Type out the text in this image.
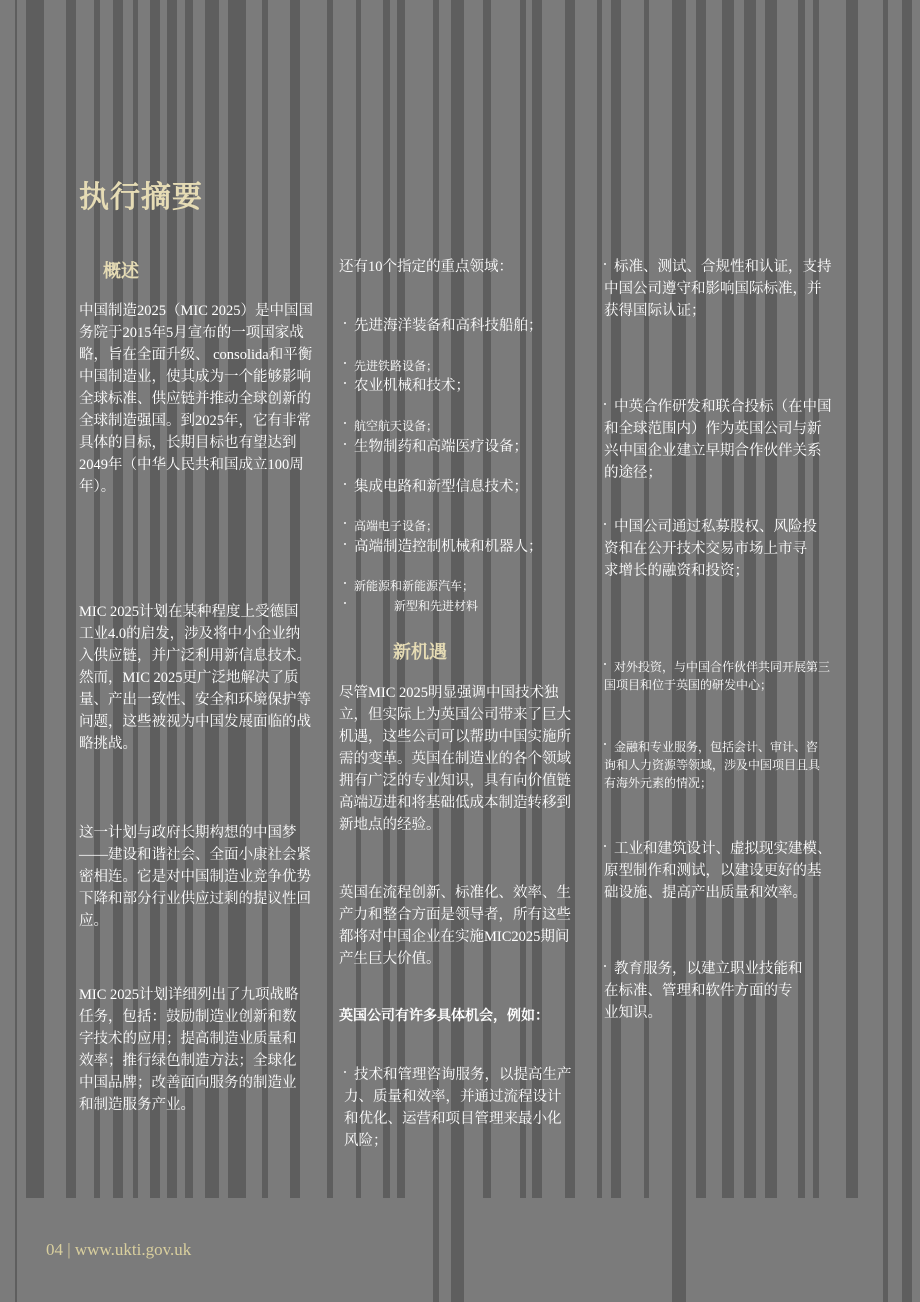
执行摘要
概述
中国制造2025（MIC 2025）是中国国务院于2015年5月宣布的一项国家战略，旨在全面升级、 consolida和平衡中国制造业，使其成为一个能够影响全球标准、供应链并推动全球创新的全球制造强国。到2025年，它有非常具体的目标，长期目标也有望达到2049年（中华人民共和国成立100周年）。
MIC 2025计划在某种程度上受德国工业4.0的启发，涉及将中小企业纳入供应链，并广泛利用新信息技术。然而，MIC 2025更广泛地解决了质量、产出一致性、安全和环境保护等问题，这些被视为中国发展面临的战略挑战。
这一计划与政府长期构想的中国梦——建设和谐社会、全面小康社会紧密相连。它是对中国制造业竞争优势下降和部分行业供应过剩的提议性回应。
MIC 2025计划详细列出了九项战略任务，包括：鼓励制造业创新和数字技术的应用；提高制造业质量和效率；推行绿色制造方法；全球化中国品牌；改善面向服务的制造业和制造服务产业。
还有10个指定的重点领域：
先进海洋装备和高科技船舶；
先进铁路设备；
农业机械和技术；
航空航天设备；
生物制药和高端医疗设备；
集成电路和新型信息技术；
高端电子设备；
高端制造控制机械和机器人；
新能源和新能源汽车；
新型和先进材料
新机遇
尽管MIC 2025明显强调中国技术独立，但实际上为英国公司带来了巨大机遇，这些公司可以帮助中国实施所需的变革。英国在制造业的各个领域拥有广泛的专业知识，具有向价值链高端迈进和将基础低成本制造转移到新地点的经验。
英国在流程创新、标准化、效率、生产力和整合方面是领导者，所有这些都将对中国企业在实施MIC2025期间产生巨大价值。
英国公司有许多具体机会，例如：
技术和管理咨询服务，以提高生产力、质量和效率，并通过流程设计和优化、运营和项目管理来最小化风险；
标准、测试、合规性和认证，支持中国公司遵守和影响国际标准，并获得国际认证；
中英合作研发和联合投标（在中国和全球范围内）作为英国公司与新兴中国企业建立早期合作伙伴关系的途径；
中国公司通过私募股权、风险投资和在公开技术交易市场上市寻求增长的融资和投资；
对外投资，与中国合作伙伴共同开展第三国项目和位于英国的研发中心；
金融和专业服务，包括会计、审计、咨询和人力资源等领域，涉及中国项目且具有海外元素的情况；
工业和建筑设计、虚拟现实建模、原型制作和测试，以建设更好的基础设施、提高产出质量和效率。
教育服务，以建立职业技能和在标准、管理和软件方面的专业知识。
04 | www.ukti.gov.uk
